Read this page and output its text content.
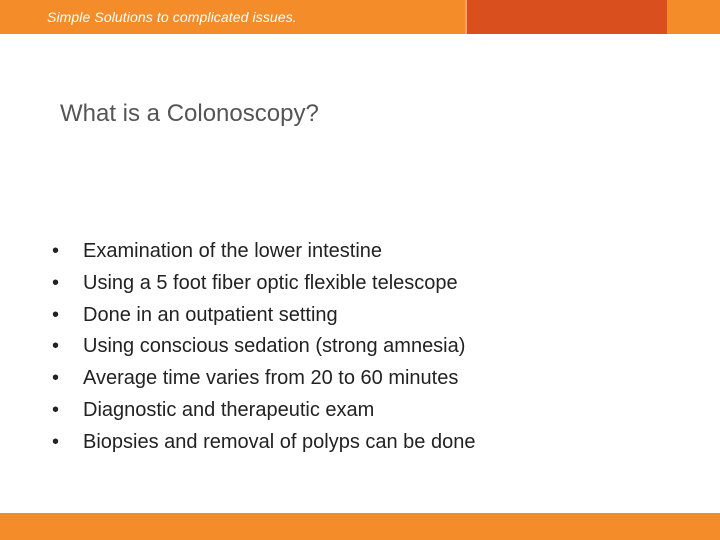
Simple Solutions to complicated issues.
What is a Colonoscopy?
• Examination of the lower intestine
• Using a 5 foot fiber optic flexible telescope
• Done in an outpatient setting
• Using conscious sedation (strong amnesia)
• Average time varies from 20 to 60 minutes
• Diagnostic and therapeutic exam
• Biopsies and removal of polyps can be done
